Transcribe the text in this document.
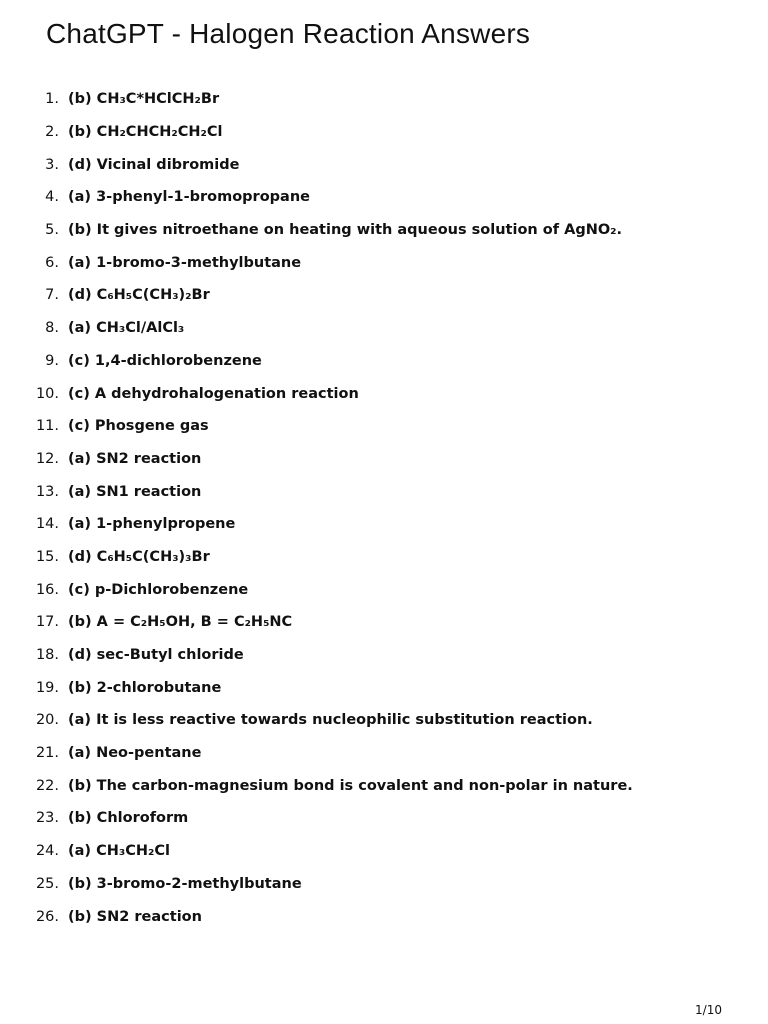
ChatGPT - Halogen Reaction Answers
1. (b) CH₃C*HClCH₂Br
2. (b) CH₂CHCH₂CH₂Cl
3. (d) Vicinal dibromide
4. (a) 3-phenyl-1-bromopropane
5. (b) It gives nitroethane on heating with aqueous solution of AgNO₂.
6. (a) 1-bromo-3-methylbutane
7. (d) C₆H₅C(CH₃)₂Br
8. (a) CH₃Cl/AlCl₃
9. (c) 1,4-dichlorobenzene
10. (c) A dehydrohalogenation reaction
11. (c) Phosgene gas
12. (a) SN2 reaction
13. (a) SN1 reaction
14. (a) 1-phenylpropene
15. (d) C₆H₅C(CH₃)₃Br
16. (c) p-Dichlorobenzene
17. (b) A = C₂H₅OH, B = C₂H₅NC
18. (d) sec-Butyl chloride
19. (b) 2-chlorobutane
20. (a) It is less reactive towards nucleophilic substitution reaction.
21. (a) Neo-pentane
22. (b) The carbon-magnesium bond is covalent and non-polar in nature.
23. (b) Chloroform
24. (a) CH₃CH₂Cl
25. (b) 3-bromo-2-methylbutane
26. (b) SN2 reaction
1/10
